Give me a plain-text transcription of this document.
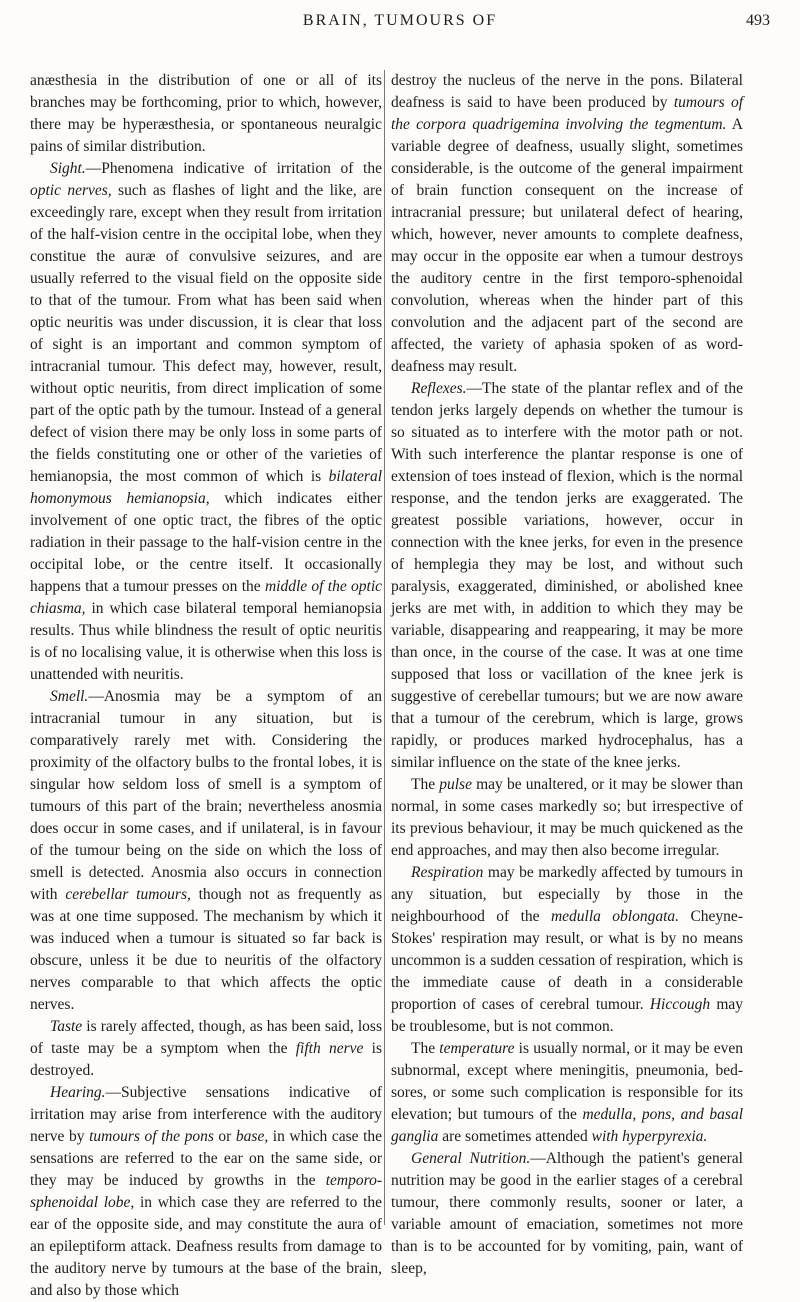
BRAIN, TUMOURS OF	493

anæsthesia in the distribution of one or all of its branches may be forthcoming, prior to which, however, there may be hyperæsthesia, or spontaneous neuralgic pains of similar distribution.

Sight.—Phenomena indicative of irritation of the optic nerves, such as flashes of light and the like, are exceedingly rare, except when they result from irritation of the half-vision centre in the occipital lobe, when they constitue the auræ of convulsive seizures, and are usually referred to the visual field on the opposite side to that of the tumour. From what has been said when optic neuritis was under discussion, it is clear that loss of sight is an important and common symptom of intracranial tumour. This defect may, however, result, without optic neuritis, from direct implication of some part of the optic path by the tumour. Instead of a general defect of vision there may be only loss in some parts of the fields constituting one or other of the varieties of hemianopsia, the most common of which is bilateral homonymous hemianopsia, which indicates either involvement of one optic tract, the fibres of the optic radiation in their passage to the half-vision centre in the occipital lobe, or the centre itself. It occasionally happens that a tumour presses on the middle of the optic chiasma, in which case bilateral temporal hemianopsia results. Thus while blindness the result of optic neuritis is of no localising value, it is otherwise when this loss is unattended with neuritis.

Smell.—Anosmia may be a symptom of an intracranial tumour in any situation, but is comparatively rarely met with. Considering the proximity of the olfactory bulbs to the frontal lobes, it is singular how seldom loss of smell is a symptom of tumours of this part of the brain; nevertheless anosmia does occur in some cases, and if unilateral, is in favour of the tumour being on the side on which the loss of smell is detected. Anosmia also occurs in connection with cerebellar tumours, though not as frequently as was at one time supposed. The mechanism by which it was induced when a tumour is situated so far back is obscure, unless it be due to neuritis of the olfactory nerves comparable to that which affects the optic nerves.

Taste is rarely affected, though, as has been said, loss of taste may be a symptom when the fifth nerve is destroyed.

Hearing.—Subjective sensations indicative of irritation may arise from interference with the auditory nerve by tumours of the pons or base, in which case the sensations are referred to the ear on the same side, or they may be induced by growths in the temporo-sphenoidal lobe, in which case they are referred to the ear of the opposite side, and may constitute the aura of an epileptiform attack. Deafness results from damage to the auditory nerve by tumours at the base of the brain, and also by those which

destroy the nucleus of the nerve in the pons. Bilateral deafness is said to have been produced by tumours of the corpora quadrigemina involving the tegmentum. A variable degree of deafness, usually slight, sometimes considerable, is the outcome of the general impairment of brain function consequent on the increase of intracranial pressure; but unilateral defect of hearing, which, however, never amounts to complete deafness, may occur in the opposite ear when a tumour destroys the auditory centre in the first temporo-sphenoidal convolution, whereas when the hinder part of this convolution and the adjacent part of the second are affected, the variety of aphasia spoken of as word-deafness may result.

Reflexes.—The state of the plantar reflex and of the tendon jerks largely depends on whether the tumour is so situated as to interfere with the motor path or not. With such interference the plantar response is one of extension of toes instead of flexion, which is the normal response, and the tendon jerks are exaggerated. The greatest possible variations, however, occur in connection with the knee jerks, for even in the presence of hemplegia they may be lost, and without such paralysis, exaggerated, diminished, or abolished knee jerks are met with, in addition to which they may be variable, disappearing and reappearing, it may be more than once, in the course of the case. It was at one time supposed that loss or vacillation of the knee jerk is suggestive of cerebellar tumours; but we are now aware that a tumour of the cerebrum, which is large, grows rapidly, or produces marked hydrocephalus, has a similar influence on the state of the knee jerks.

The pulse may be unaltered, or it may be slower than normal, in some cases markedly so; but irrespective of its previous behaviour, it may be much quickened as the end approaches, and may then also become irregular.

Respiration may be markedly affected by tumours in any situation, but especially by those in the neighbourhood of the medulla oblongata. Cheyne-Stokes' respiration may result, or what is by no means uncommon is a sudden cessation of respiration, which is the immediate cause of death in a considerable proportion of cases of cerebral tumour. Hiccough may be troublesome, but is not common.

The temperature is usually normal, or it may be even subnormal, except where meningitis, pneumonia, bed-sores, or some such complication is responsible for its elevation; but tumours of the medulla, pons, and basal ganglia are sometimes attended with hyperpyrexia.

General Nutrition.—Although the patient's general nutrition may be good in the earlier stages of a cerebral tumour, there commonly results, sooner or later, a variable amount of emaciation, sometimes not more than is to be accounted for by vomiting, pain, want of sleep,
